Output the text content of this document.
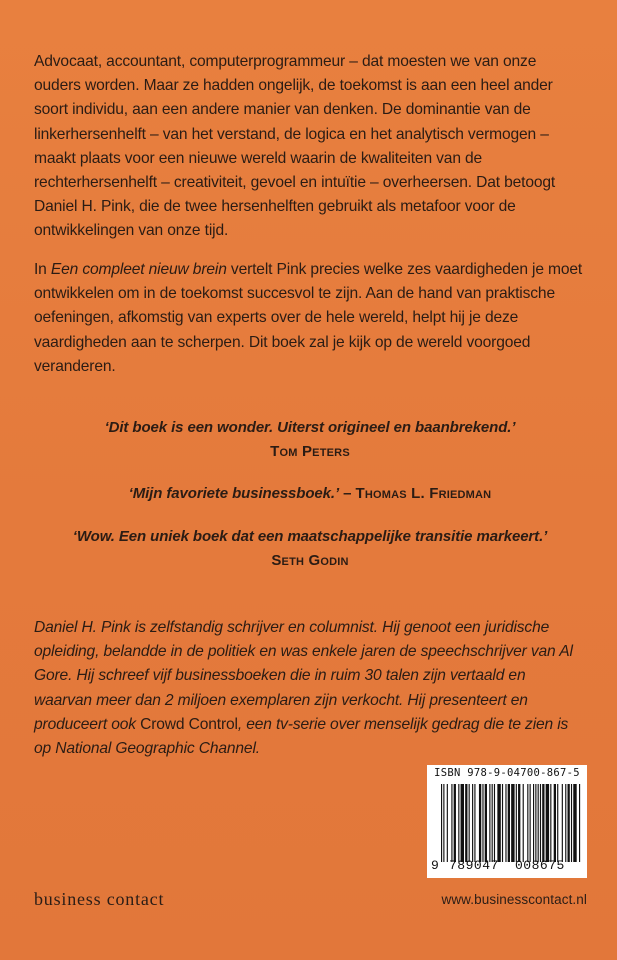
Advocaat, accountant, computerprogrammeur – dat moesten we van onze ouders worden. Maar ze hadden ongelijk, de toekomst is aan een heel ander soort individu, aan een andere manier van denken. De dominantie van de linkerhersenhelft – van het verstand, de logica en het analytisch vermogen – maakt plaats voor een nieuwe wereld waarin de kwaliteiten van de rechterhersenhelft – creativiteit, gevoel en intuïtie – overheersen. Dat betoogt Daniel H. Pink, die de twee hersenhelften gebruikt als metafoor voor de ontwikkelingen van onze tijd.

In Een compleet nieuw brein vertelt Pink precies welke zes vaardigheden je moet ontwikkelen om in de toekomst succesvol te zijn. Aan de hand van praktische oefeningen, afkomstig van experts over de hele wereld, helpt hij je deze vaardigheden aan te scherpen. Dit boek zal je kijk op de wereld voorgoed veranderen.

‘Dit boek is een wonder. Uiterst origineel en baanbrekend.’
Tom Peters
‘Mijn favoriete businessboek.’ – Thomas L. Friedman
‘Wow. Een uniek boek dat een maatschappelijke transitie markeert.’
Seth Godin

Daniel H. Pink is zelfstandig schrijver en columnist. Hij genoot een juridische opleiding, belandde in de politiek en was enkele jaren de speechschrijver van Al Gore. Hij schreef vijf businessboeken die in ruim 30 talen zijn vertaald en waarvan meer dan 2 miljoen exemplaren zijn verkocht. Hij presenteert en produceert ook Crowd Control, een tv-serie over menselijk gedrag die te zien is op National Geographic Channel.

ISBN 978-9-04700-867-5
9 789047 008675
business contact	www.businesscontact.nl
